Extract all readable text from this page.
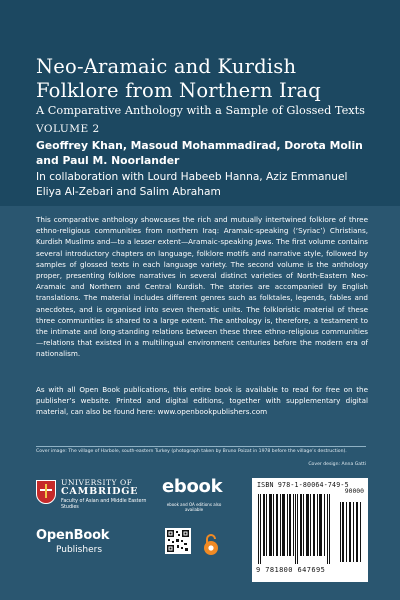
Neo-Aramaic and Kurdish Folklore from Northern Iraq
A Comparative Anthology with a Sample of Glossed Texts
VOLUME 2
Geoffrey Khan, Masoud Mohammadirad, Dorota Molin and Paul M. Noorlander
In collaboration with Lourd Habeeb Hanna, Aziz Emmanuel Eliya Al-Zebari and Salim Abraham

This comparative anthology showcases the rich and mutually intertwined folklore of three ethno-religious communities from northern Iraq: Aramaic-speaking (‘Syriac’) Christians, Kurdish Muslims and—to a lesser extent—Aramaic-speaking Jews. The first volume contains several introductory chapters on language, folklore motifs and narrative style, followed by samples of glossed texts in each language variety. The second volume is the anthology proper, presenting folklore narratives in several distinct varieties of North-Eastern Neo-Aramaic and Northern and Central Kurdish. The stories are accompanied by English translations. The material includes different genres such as folktales, legends, fables and anecdotes, and is organised into seven thematic units. The folkloristic material of these three communities is shared to a large extent. The anthology is, therefore, a testament to the intimate and long-standing relations between these three ethno-religious communities—relations that existed in a multilingual environment centuries before the modern era of nationalism.

As with all Open Book publications, this entire book is available to read for free on the publisher’s website. Printed and digital editions, together with supplementary digital material, can also be found here: www.openbookpublishers.com

Cover image: The village of Harbole, south-eastern Turkey (photograph taken by Bruno Poizat in 1978 before the village’s destruction).

Cover design: Anna Gatti
UNIVERSITY OF
CAMBRIDGE
Faculty of Asian and Middle Eastern Studies
OpenBook
Publishers
ebook
ebook and OA editions also available
ISBN 978-1-80064-749-5
9 781800 647695
90000
